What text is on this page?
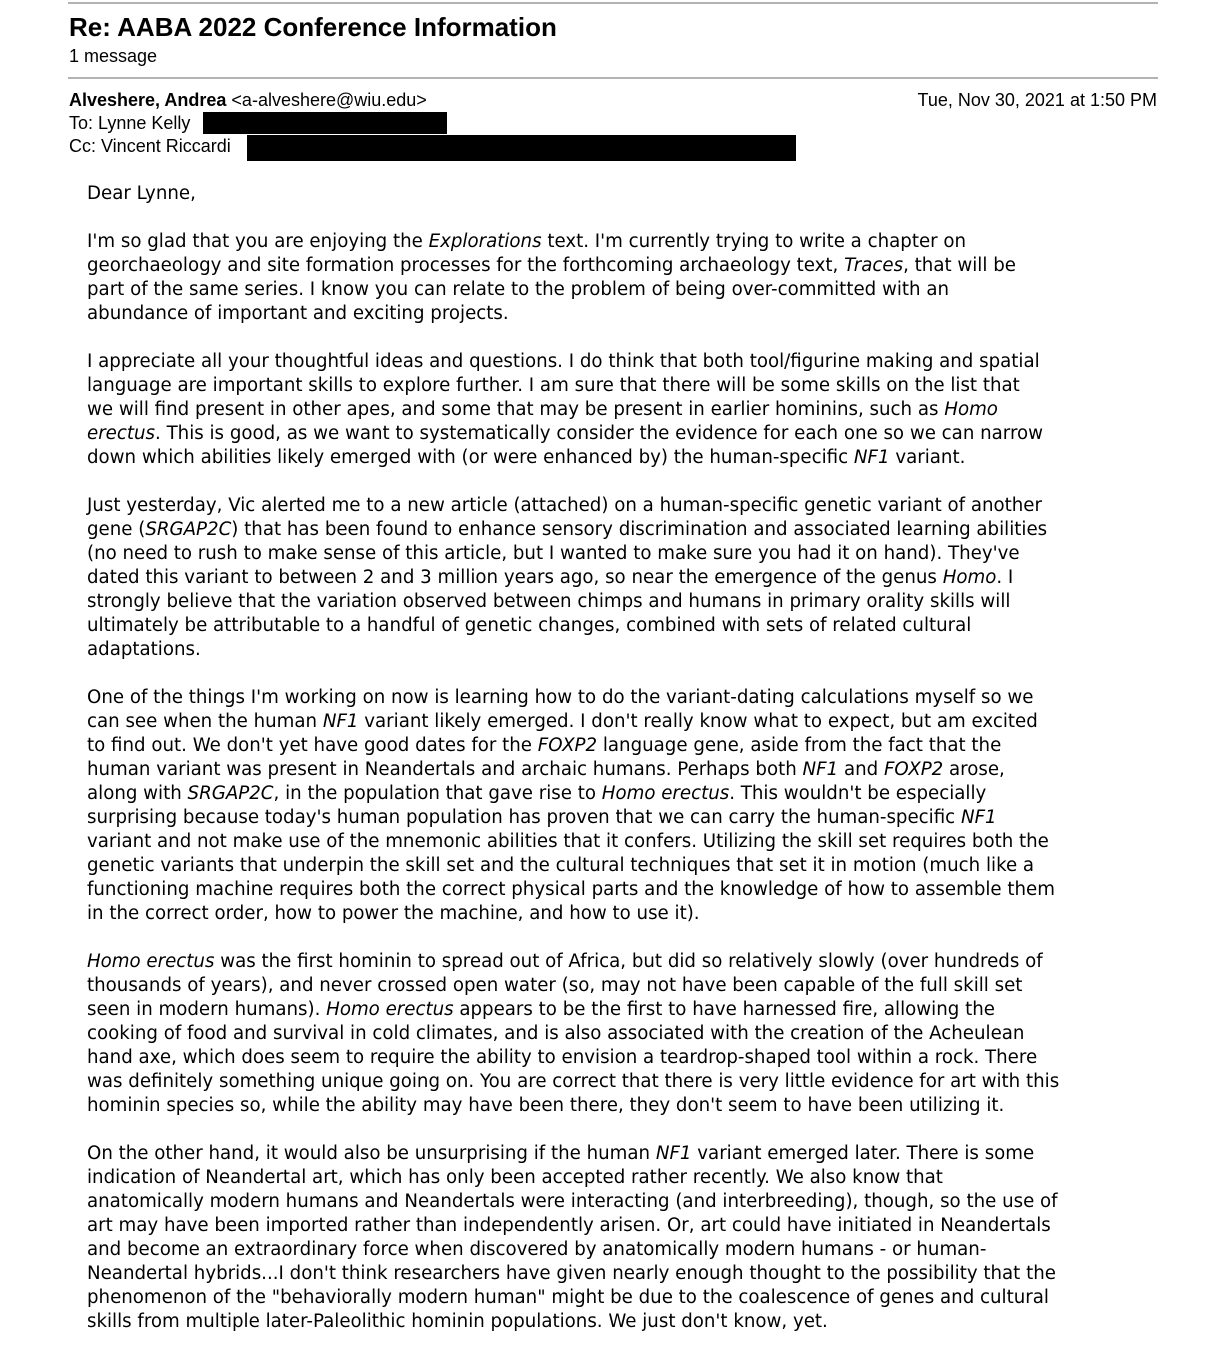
Re: AABA 2022 Conference Information
1 message
Alveshere, Andrea <a-alveshere@wiu.edu>	Tue, Nov 30, 2021 at 1:50 PM
To: Lynne Kelly
Cc: Vincent Riccardi

Dear Lynne,

I'm so glad that you are enjoying the Explorations text. I'm currently trying to write a chapter on
georchaeology and site formation processes for the forthcoming archaeology text, Traces, that will be
part of the same series. I know you can relate to the problem of being over-committed with an
abundance of important and exciting projects.

I appreciate all your thoughtful ideas and questions. I do think that both tool/figurine making and spatial
language are important skills to explore further. I am sure that there will be some skills on the list that
we will find present in other apes, and some that may be present in earlier hominins, such as Homo
erectus. This is good, as we want to systematically consider the evidence for each one so we can narrow
down which abilities likely emerged with (or were enhanced by) the human-specific NF1 variant.

Just yesterday, Vic alerted me to a new article (attached) on a human-specific genetic variant of another
gene (SRGAP2C) that has been found to enhance sensory discrimination and associated learning abilities
(no need to rush to make sense of this article, but I wanted to make sure you had it on hand). They've
dated this variant to between 2 and 3 million years ago, so near the emergence of the genus Homo. I
strongly believe that the variation observed between chimps and humans in primary orality skills will
ultimately be attributable to a handful of genetic changes, combined with sets of related cultural
adaptations.

One of the things I'm working on now is learning how to do the variant-dating calculations myself so we
can see when the human NF1 variant likely emerged. I don't really know what to expect, but am excited
to find out. We don't yet have good dates for the FOXP2 language gene, aside from the fact that the
human variant was present in Neandertals and archaic humans. Perhaps both NF1 and FOXP2 arose,
along with SRGAP2C, in the population that gave rise to Homo erectus. This wouldn't be especially
surprising because today's human population has proven that we can carry the human-specific NF1
variant and not make use of the mnemonic abilities that it confers. Utilizing the skill set requires both the
genetic variants that underpin the skill set and the cultural techniques that set it in motion (much like a
functioning machine requires both the correct physical parts and the knowledge of how to assemble them
in the correct order, how to power the machine, and how to use it).

Homo erectus was the first hominin to spread out of Africa, but did so relatively slowly (over hundreds of
thousands of years), and never crossed open water (so, may not have been capable of the full skill set
seen in modern humans). Homo erectus appears to be the first to have harnessed fire, allowing the
cooking of food and survival in cold climates, and is also associated with the creation of the Acheulean
hand axe, which does seem to require the ability to envision a teardrop-shaped tool within a rock. There
was definitely something unique going on. You are correct that there is very little evidence for art with this
hominin species so, while the ability may have been there, they don't seem to have been utilizing it.

On the other hand, it would also be unsurprising if the human NF1 variant emerged later. There is some
indication of Neandertal art, which has only been accepted rather recently. We also know that
anatomically modern humans and Neandertals were interacting (and interbreeding), though, so the use of
art may have been imported rather than independently arisen. Or, art could have initiated in Neandertals
and become an extraordinary force when discovered by anatomically modern humans - or human-
Neandertal hybrids...I don't think researchers have given nearly enough thought to the possibility that the
phenomenon of the "behaviorally modern human" might be due to the coalescence of genes and cultural
skills from multiple later-Paleolithic hominin populations. We just don't know, yet.
